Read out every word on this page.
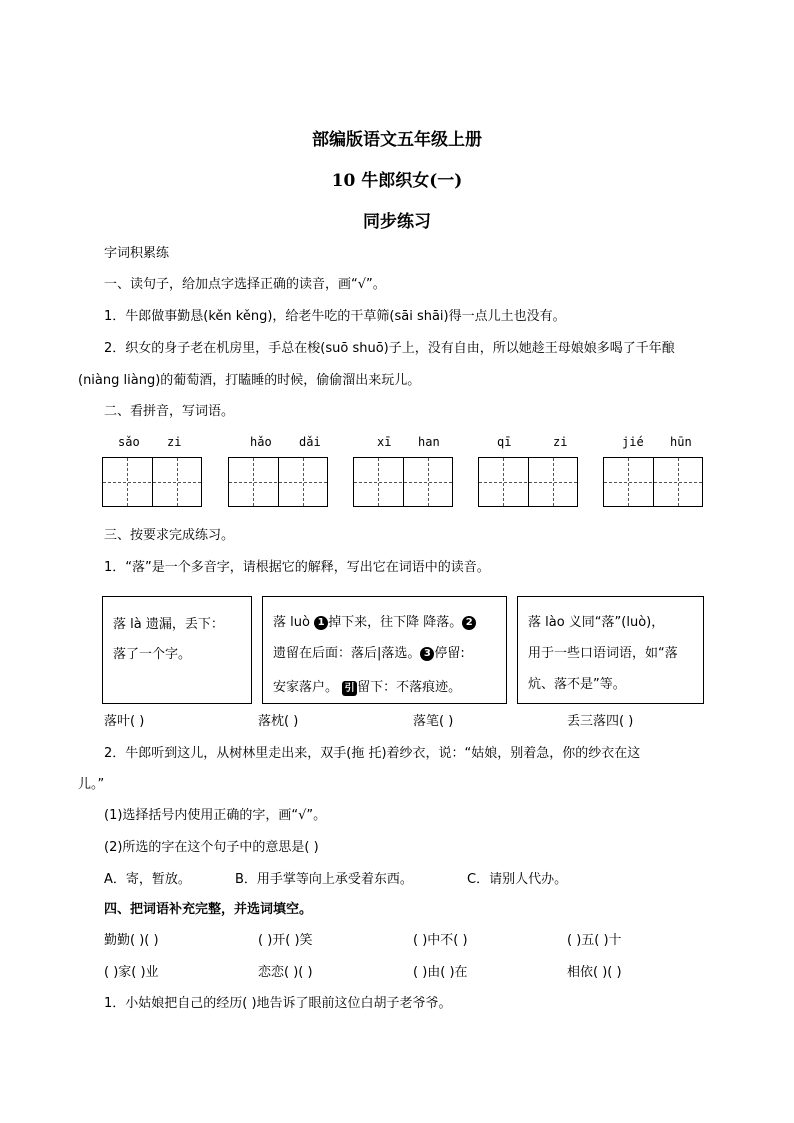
部编版语文五年级上册
10 牛郎织女(一)
同步练习
字词积累练
一、读句子，给加点字选择正确的读音，画“√”。
1．牛郎做事勤恳(kěn kěng)，给老牛吃的干草筛(sāi shāi)得一点儿土也没有。
2．织女的身子老在机房里，手总在梭(suō shuō)子上，没有自由，所以她趁王母娘娘多喝了千年酿
(niàng liàng)的葡萄酒，打瞌睡的时候，偷偷溜出来玩儿。
二、看拼音，写词语。
sǎo zi	hǎo dǎi	xī han	qī	zi	jié hūn
三、按要求完成练习。
1．“落”是一个多音字，请根据它的解释，写出它在词语中的读音。
落 là 遗漏，丢下：
落了一个字。
落 luò 1 掉下来，往下降 降落。 2
遗留在后面：落后|落选。 3 停留:
安家落户。 引 留下：不落痕迹。
落 lào 义同“落”(luò)，
用于一些口语词语，如“落
炕、落不是”等。
落叶( )	落枕( )	落笔( )	丢三落四( )
2．牛郎听到这儿，从树林里走出来，双手(拖 托)着纱衣，说：“姑娘，别着急，你的纱衣在这
儿。”
(1)选择括号内使用正确的字，画“√”。
(2)所选的字在这个句子中的意思是( )
A．寄，暂放。	B．用手掌等向上承受着东西。	C．请别人代办。
四、把词语补充完整，并选词填空。
勤勤( )( )	( )开( )笑	( )中不( )	( )五( )十
( )家( )业	恋恋( )( )	( )由( )在	相依( )( )
1．小姑娘把自己的经历( )地告诉了眼前这位白胡子老爷爷。
